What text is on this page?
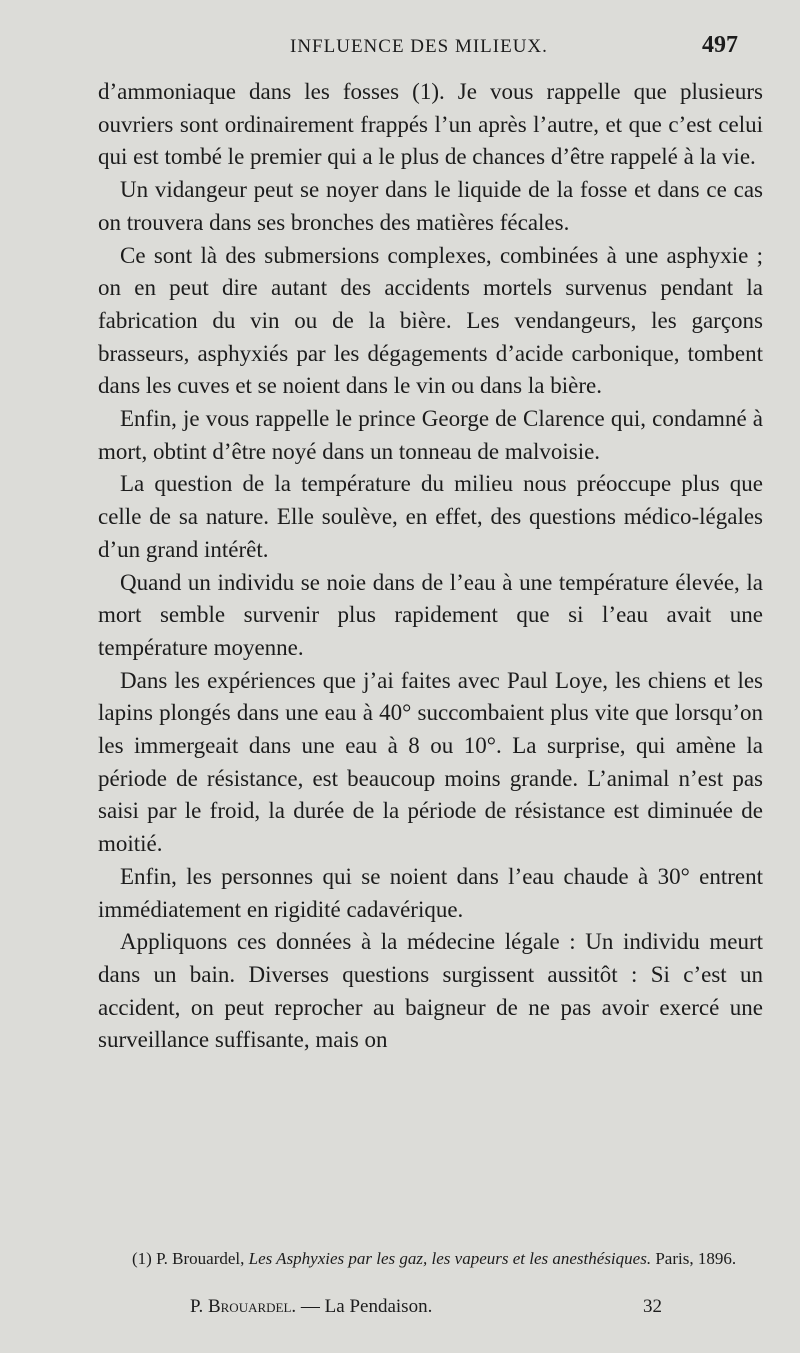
INFLUENCE DES MILIEUX.	497

d’ammoniaque dans les fosses (1). Je vous rappelle que plusieurs ouvriers sont ordinairement frappés l’un après l’autre, et que c’est celui qui est tombé le premier qui a le plus de chances d’être rappelé à la vie.

Un vidangeur peut se noyer dans le liquide de la fosse et dans ce cas on trouvera dans ses bronches des matières fécales.

Ce sont là des submersions complexes, combinées à une asphyxie ; on en peut dire autant des accidents mortels survenus pendant la fabrication du vin ou de la bière. Les vendangeurs, les garçons brasseurs, asphyxiés par les dégagements d’acide carbonique, tombent dans les cuves et se noient dans le vin ou dans la bière.

Enfin, je vous rappelle le prince George de Clarence qui, condamné à mort, obtint d’être noyé dans un tonneau de malvoisie.

La question de la température du milieu nous préoccupe plus que celle de sa nature. Elle soulève, en effet, des questions médico-légales d’un grand intérêt.

Quand un individu se noie dans de l’eau à une température élevée, la mort semble survenir plus rapidement que si l’eau avait une température moyenne.

Dans les expériences que j’ai faites avec Paul Loye, les chiens et les lapins plongés dans une eau à 40° succombaient plus vite que lorsqu’on les immergeait dans une eau à 8 ou 10°. La surprise, qui amène la période de résistance, est beaucoup moins grande. L’animal n’est pas saisi par le froid, la durée de la période de résistance est diminuée de moitié.

Enfin, les personnes qui se noient dans l’eau chaude à 30° entrent immédiatement en rigidité cadavérique.

Appliquons ces données à la médecine légale : Un individu meurt dans un bain. Diverses questions surgissent aussitôt : Si c’est un accident, on peut reprocher au baigneur de ne pas avoir exercé une surveillance suffisante, mais on

(1) P. Brouardel, Les Asphyxies par les gaz, les vapeurs et les anesthésiques. Paris, 1896.

P. Brouardel. — La Pendaison.	32
